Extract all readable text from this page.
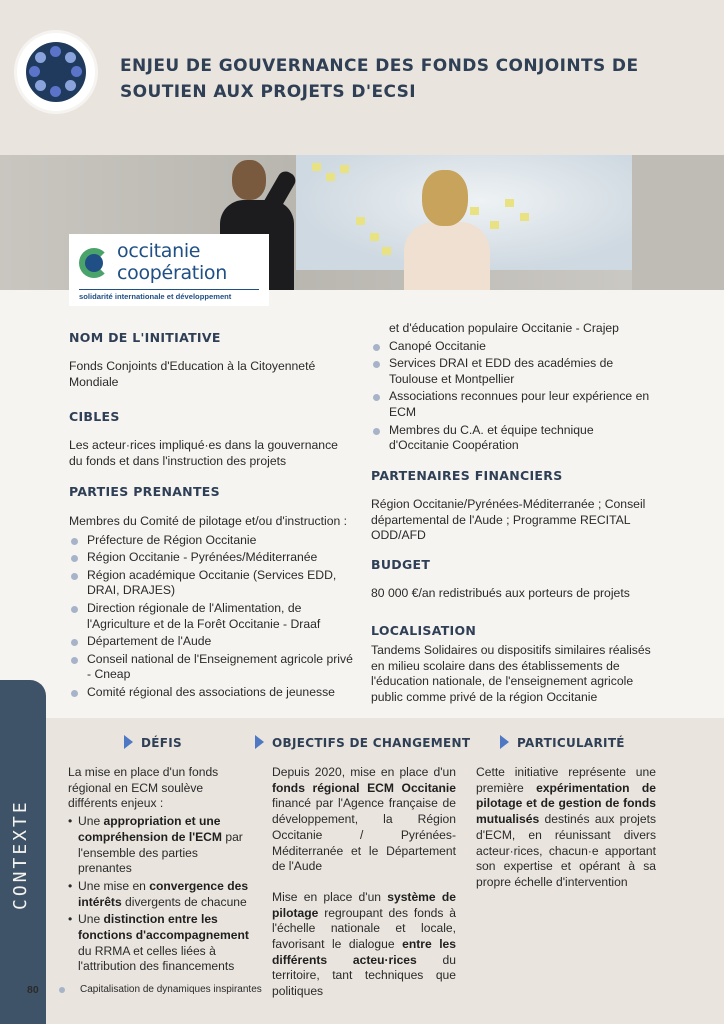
ENJEU DE GOUVERNANCE DES FONDS CONJOINTS DE
SOUTIEN AUX PROJETS D'ECSI
occitanie
coopération
solidarité internationale et développement
NOM DE L'INITIATIVE
Fonds Conjoints d'Education à la Citoyenneté Mondiale
CIBLES
Les acteur·rices impliqué·es dans la gouvernance du fonds et dans l'instruction des projets
PARTIES PRENANTES
Membres du Comité de pilotage et/ou d'instruction :
Préfecture de Région Occitanie
Région Occitanie - Pyrénées/Méditerranée
Région académique Occitanie (Services EDD, DRAI, DRAJES)
Direction régionale de l'Alimentation, de l'Agriculture et de la Forêt Occitanie - Draaf
Département de l'Aude
Conseil national de l'Enseignement agricole privé - Cneap
Comité régional des associations de jeunesse
et d'éducation populaire Occitanie - Crajep
Canopé Occitanie
Services DRAI et EDD des académies de Toulouse et Montpellier
Associations reconnues pour leur expérience en ECM
Membres du C.A. et équipe technique d'Occitanie Coopération
PARTENAIRES FINANCIERS
Région Occitanie/Pyrénées-Méditerranée ; Conseil départemental de l'Aude ; Programme RECITAL ODD/AFD
BUDGET
80 000 €/an redistribués aux porteurs de projets
LOCALISATION
Tandems Solidaires ou dispositifs similaires réalisés en milieu scolaire dans des établissements de l'éducation nationale, de l'enseignement agricole public comme privé de la région Occitanie
CONTEXTE
DÉFIS	OBJECTIFS DE CHANGEMENT	PARTICULARITÉ
La mise en place d'un fonds régional en ECM soulève différents enjeux :
• Une appropriation et une compréhension de l'ECM par l'ensemble des parties prenantes
• Une mise en convergence des intérêts divergents de chacune
• Une distinction entre les fonctions d'accompagnement du RRMA et celles liées à l'attribution des financements
Depuis 2020, mise en place d'un fonds régional ECM Occitanie financé par l'Agence française de développement, la Région Occitanie / Pyrénées-Méditerranée et le Département de l'Aude
Mise en place d'un système de pilotage regroupant des fonds à l'échelle nationale et locale, favorisant le dialogue entre les différents acteu·rices du territoire, tant techniques que politiques
Cette initiative représente une première expérimentation de pilotage et de gestion de fonds mutualisés destinés aux projets d'ECM, en réunissant divers acteur·rices, chacun·e apportant son expertise et opérant à sa propre échelle d'intervention
80	Capitalisation de dynamiques inspirantes
